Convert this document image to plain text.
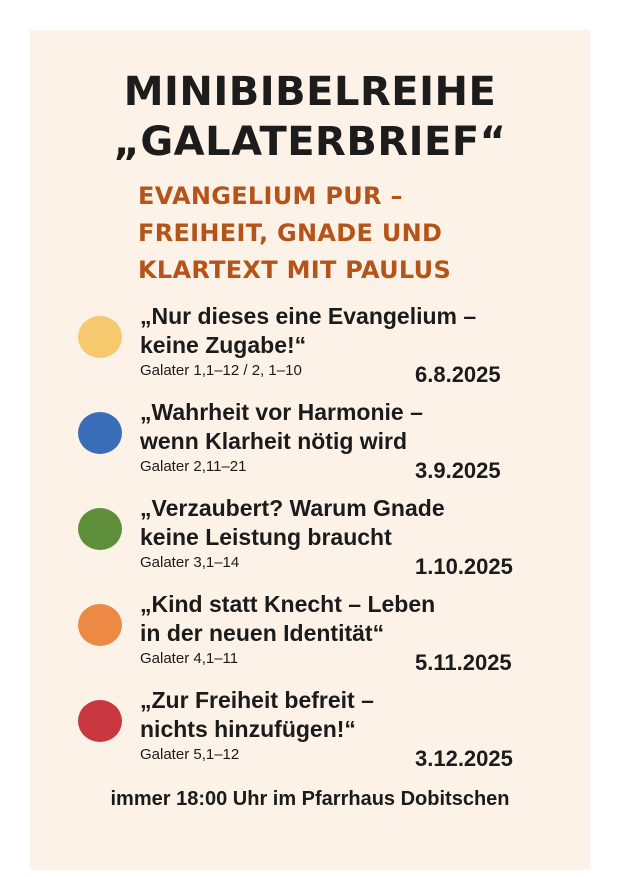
MINIBIBELREIHE
„GALATERBRIEF“
EVANGELIUM PUR –
FREIHEIT, GNADE UND
KLARTEXT MIT PAULUS
„Nur dieses eine Evangelium –
keine Zugabe!“
Galater 1,1–12 / 2, 1–10	6.8.2025
„Wahrheit vor Harmonie –
wenn Klarheit nötig wird
Galater 2,11–21	3.9.2025
„Verzaubert? Warum Gnade
keine Leistung braucht
Galater 3,1–14	1.10.2025
„Kind statt Knecht – Leben
in der neuen Identität“
Galater 4,1–11	5.11.2025
„Zur Freiheit befreit –
nichts hinzufügen!“
Galater 5,1–12	3.12.2025
immer 18:00 Uhr im Pfarrhaus Dobitschen
